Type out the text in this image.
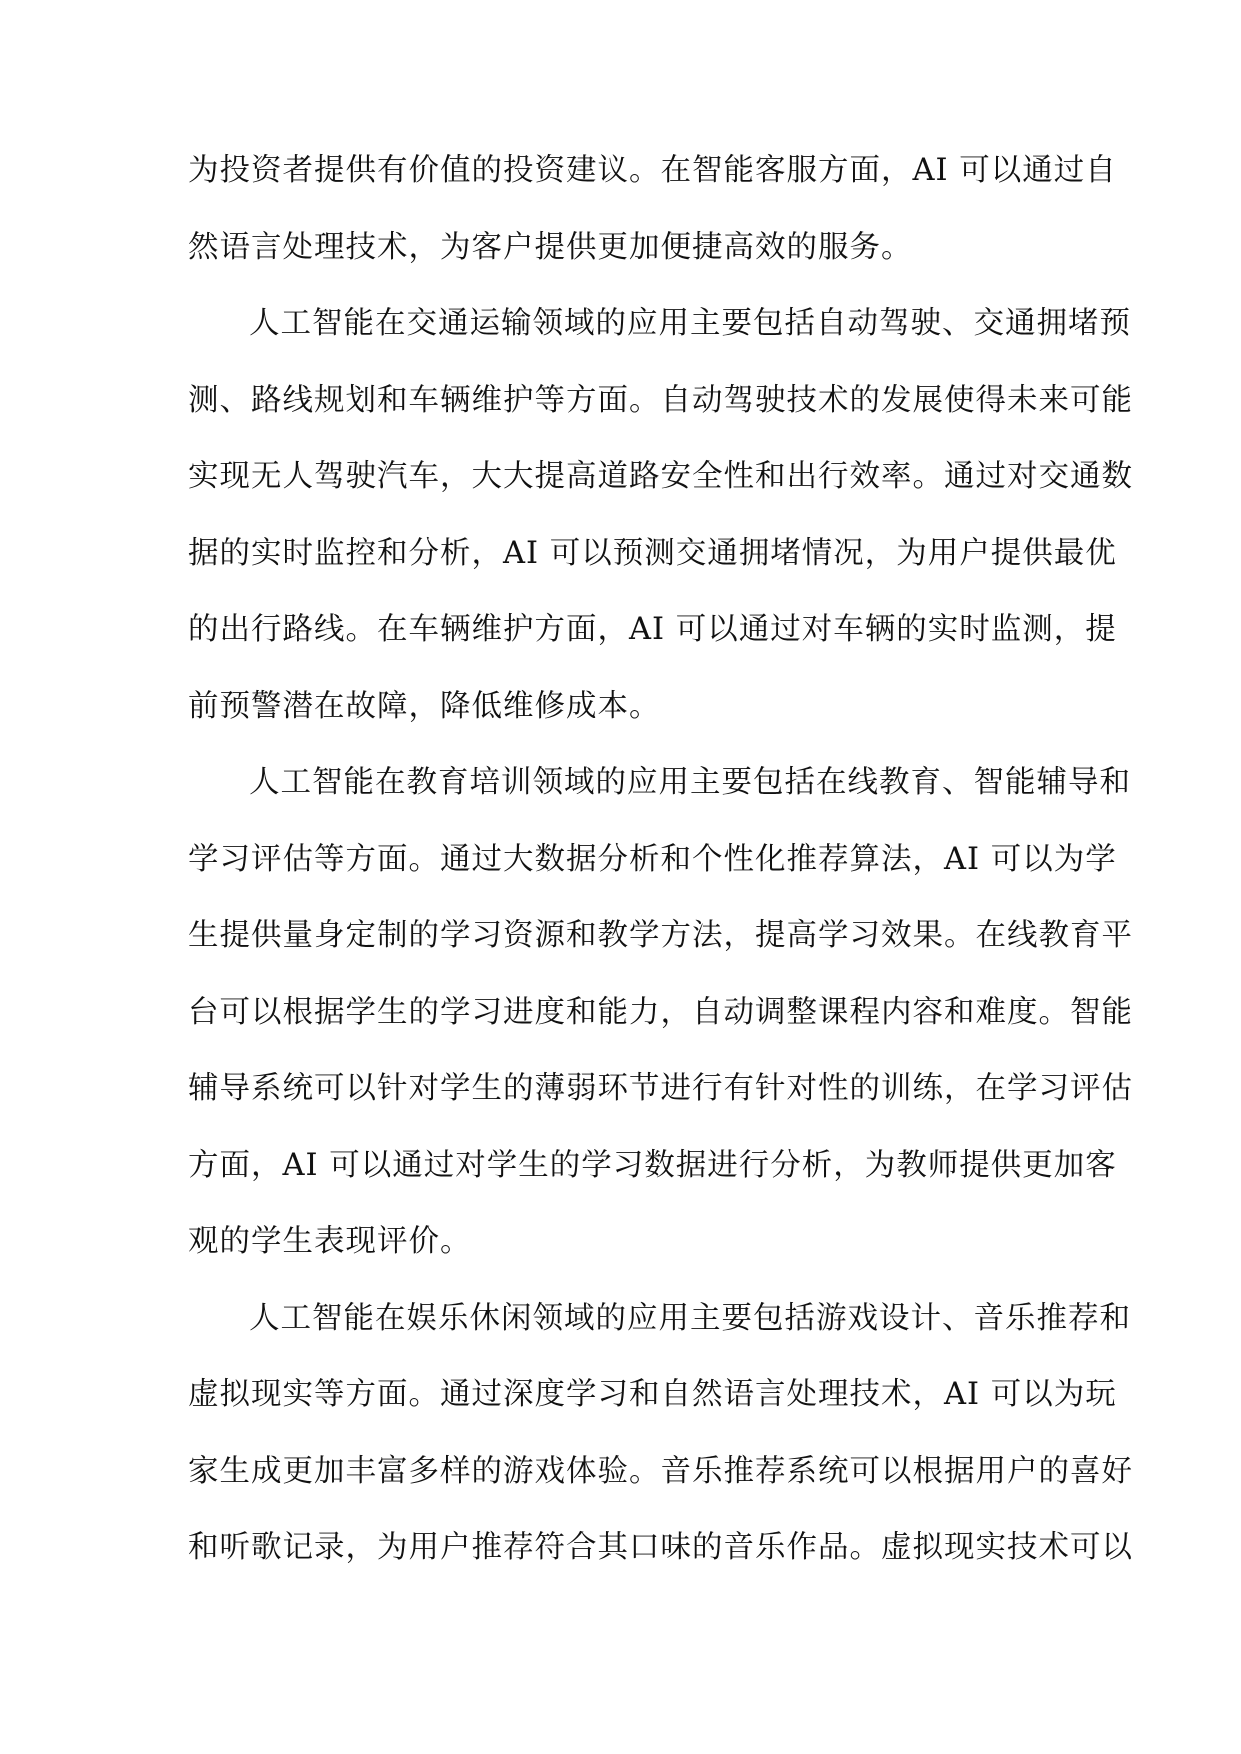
为投资者提供有价值的投资建议。在智能客服方面，AI 可以通过自
然语言处理技术，为客户提供更加便捷高效的服务。
人工智能在交通运输领域的应用主要包括自动驾驶、交通拥堵预
测、路线规划和车辆维护等方面。自动驾驶技术的发展使得未来可能
实现无人驾驶汽车，大大提高道路安全性和出行效率。通过对交通数
据的实时监控和分析，AI 可以预测交通拥堵情况，为用户提供最优
的出行路线。在车辆维护方面，AI 可以通过对车辆的实时监测，提
前预警潜在故障，降低维修成本。
人工智能在教育培训领域的应用主要包括在线教育、智能辅导和
学习评估等方面。通过大数据分析和个性化推荐算法，AI 可以为学
生提供量身定制的学习资源和教学方法，提高学习效果。在线教育平
台可以根据学生的学习进度和能力，自动调整课程内容和难度。智能
辅导系统可以针对学生的薄弱环节进行有针对性的训练，在学习评估
方面，AI 可以通过对学生的学习数据进行分析，为教师提供更加客
观的学生表现评价。
人工智能在娱乐休闲领域的应用主要包括游戏设计、音乐推荐和
虚拟现实等方面。通过深度学习和自然语言处理技术，AI 可以为玩
家生成更加丰富多样的游戏体验。音乐推荐系统可以根据用户的喜好
和听歌记录，为用户推荐符合其口味的音乐作品。虚拟现实技术可以
